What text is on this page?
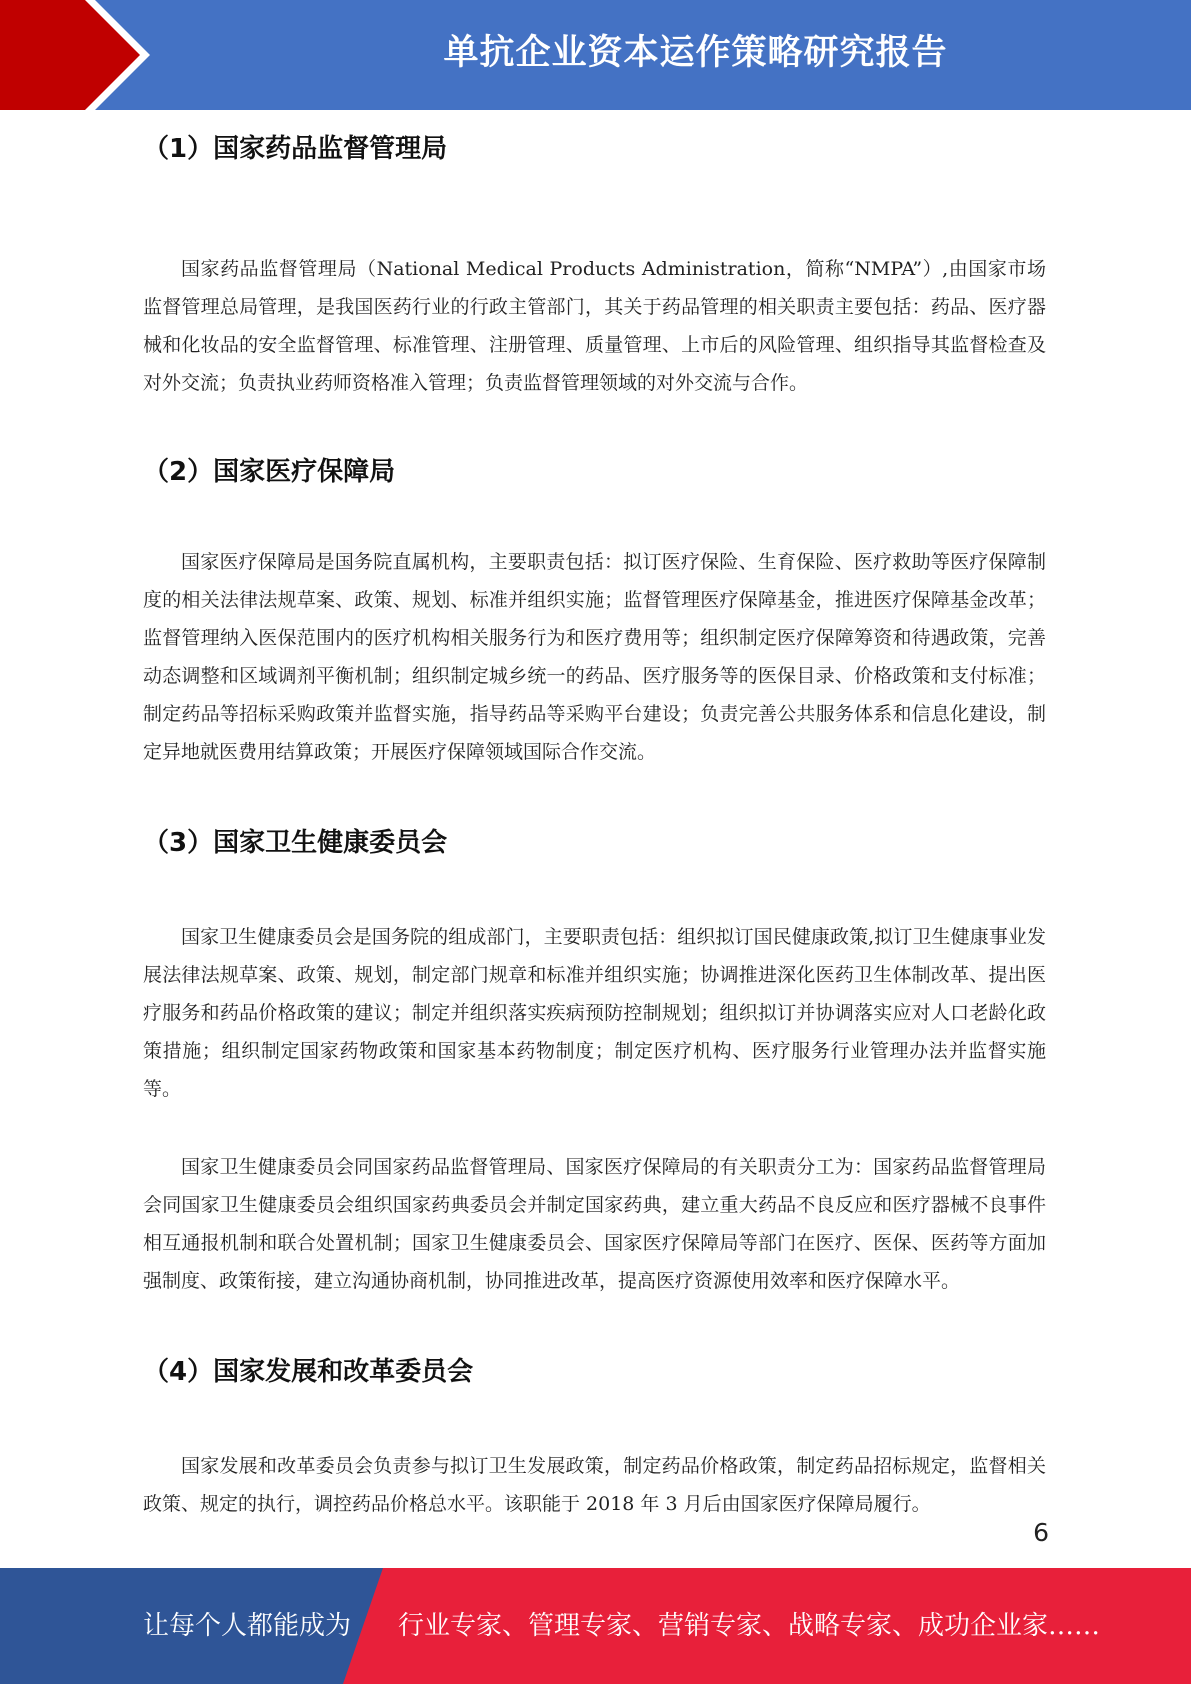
单抗企业资本运作策略研究报告
（1）国家药品监督管理局

国家药品监督管理局（National Medical Products Administration，简称“NMPA”）,由国家市场监督管理总局管理，是我国医药行业的行政主管部门，其关于药品管理的相关职责主要包括：药品、医疗器械和化妆品的安全监督管理、标准管理、注册管理、质量管理、上市后的风险管理、组织指导其监督检查及对外交流；负责执业药师资格准入管理；负责监督管理领域的对外交流与合作。

（2）国家医疗保障局

国家医疗保障局是国务院直属机构，主要职责包括：拟订医疗保险、生育保险、医疗救助等医疗保障制度的相关法律法规草案、政策、规划、标准并组织实施；监督管理医疗保障基金，推进医疗保障基金改革；监督管理纳入医保范围内的医疗机构相关服务行为和医疗费用等；组织制定医疗保障筹资和待遇政策，完善动态调整和区域调剂平衡机制；组织制定城乡统一的药品、医疗服务等的医保目录、价格政策和支付标准；制定药品等招标采购政策并监督实施，指导药品等采购平台建设；负责完善公共服务体系和信息化建设，制定异地就医费用结算政策；开展医疗保障领域国际合作交流。

（3）国家卫生健康委员会

国家卫生健康委员会是国务院的组成部门，主要职责包括：组织拟订国民健康政策,拟订卫生健康事业发展法律法规草案、政策、规划，制定部门规章和标准并组织实施；协调推进深化医药卫生体制改革、提出医疗服务和药品价格政策的建议；制定并组织落实疾病预防控制规划；组织拟订并协调落实应对人口老龄化政策措施；组织制定国家药物政策和国家基本药物制度；制定医疗机构、医疗服务行业管理办法并监督实施等。

国家卫生健康委员会同国家药品监督管理局、国家医疗保障局的有关职责分工为：国家药品监督管理局会同国家卫生健康委员会组织国家药典委员会并制定国家药典，建立重大药品不良反应和医疗器械不良事件相互通报机制和联合处置机制；国家卫生健康委员会、国家医疗保障局等部门在医疗、医保、医药等方面加强制度、政策衔接，建立沟通协商机制，协同推进改革，提高医疗资源使用效率和医疗保障水平。

（4）国家发展和改革委员会

国家发展和改革委员会负责参与拟订卫生发展政策，制定药品价格政策，制定药品招标规定，监督相关政策、规定的执行，调控药品价格总水平。该职能于 2018 年 3 月后由国家医疗保障局履行。

6
让每个人都能成为 行业专家、管理专家、营销专家、战略专家、成功企业家……
